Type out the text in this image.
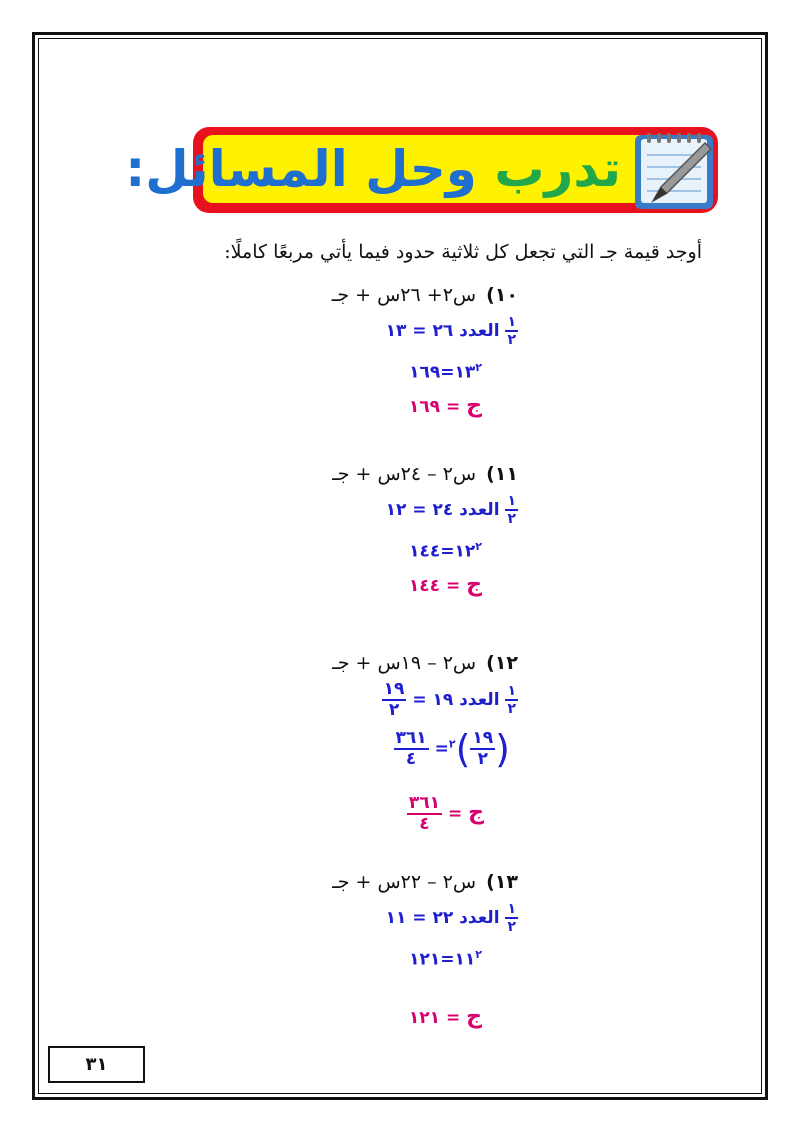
تدرب وحل المسائل:
أوجد قيمة جـ التي تجعل كل ثلاثية حدود فيما يأتي مربعًا كاملًا:
١٠)س٢+ ٢٦س + جـ
$\frac{١}{٢}$
العدد ٢٦ = ١٣
$١٣^٢=١٦٩$
ج = ١٦٩
١١)س٢ – ٢٤س + جـ
$\frac{١}{٢}$
العدد ٢٤ = ١٢
$١٢^٢=١٤٤$
ج = ١٤٤
١٢)س٢ – ١٩س + جـ
$\frac{١}{٢}$
العدد ١٩ =
$\frac{١٩}{٢}$
(
$\frac{١٩}{٢}$
)$^٢$=
$\frac{٣٦١}{٤}$
ج =
$\frac{٣٦١}{٤}$
١٣)س٢ – ٢٢س + جـ
$\frac{١}{٢}$
العدد ٢٢ = ١١
$١١^٢=١٢١$
ج = ١٢١
٣١
